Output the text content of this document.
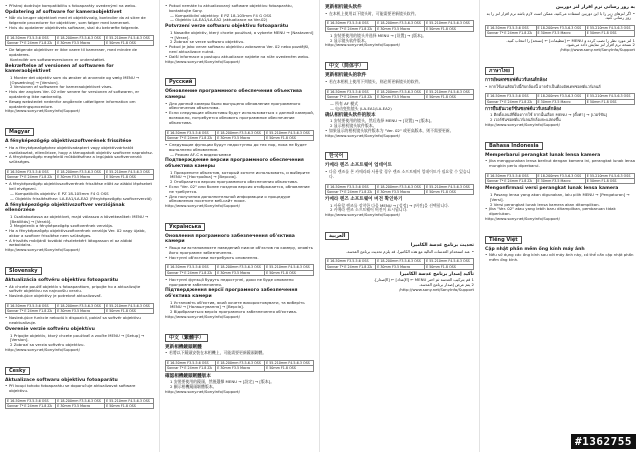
• Přístroj dodržuje kompatibilitu s fotoaparáty uvedenými na webu.
Opdatering af software for kameraobjektivet
• Når du bruger objektivet med et objektivvalg, kontroller da at sikre de følgende procedurer for objektiver, som følger med kameraet.
• Hvis du opdaterer objektivets software, skal du bekræfte følgende.
E 16-50mm F3.5-5.6 OSS	E 18-200mm F3.5-6.3 OSS	E 55-210mm F4.5-6.3 OSS
Sonnar T* E 24mm F1.8 ZA	E 30mm F3.5 Macro	E 50mm F1.8 OSS
• De følgende objektiver er ikke vaere til kameraer, med mindre de opdateres.
Kontrollér om softwareversionen er understøttet.
Bekræftelse af versionen af softwaren for kameraobjektivet
1 Monter det objektiv som du ønsker at anvende og vælg MENU → [Opsætning] → [Version].
2 Versionen af softwaren for kameraobjektivet vises.
• Hvis der angives Ver. 02 eller senere for versionen af softwaren, er opdatering ikke nødvendig.
• Besøg webstedet nedenfor angående udførligere information om opdateringsprocedure.
http://www.sony.net/SonyInfo/Support/
Magyar
A fényképezőgép objektívszoftverének frissítése
• Ha a fényképezőgéphez objektívadaptert vagy objektívvárhatót csatlakoztat, ellenőrizze, hogy a támogatott objektív szoftvere naprakész.
• A fényképezőgép megfelelő működéséhez a legújabb szoftververzió szükséges.
E 16-50mm F3.5-5.6 OSS	E 18-200mm F3.5-6.3 OSS	E 55-210mm F4.5-6.3 OSS
Sonnar T* E 24mm F1.8 ZA	E 30mm F3.5 Macro	E 50mm F1.8 OSS
• A fényképezőgép objektívszoftverének frissítése előtt az alábbi lépéseket kell elvégezni.
— Kompatibilis objektív: E PZ 18-105mm F4 G OSS
— Objektív frissítéséhez: LA-EA1/LA-EA2 (Fényképezőgép szoftververzió)
A fényképezőgép objektívszoftver verziójának ellenőrzése
1 Csatlakoztassa az objektívet, majd válassza a következőket: MENU → [Beállítás] → [Verzió].
2 Megjelenik a fényképezőgép szoftverének verziója.
• Ha a fényképezőgép objektívszoftverének verziója Ver. 02 vagy újabb, akkor a szoftver frissítése nem szükséges.
• A frissítés módjáról további részletekért látogasson el az alábbi weboldalra.
http://www.sony.net/SonyInfo/Support/
Slovensky
Aktualizácia softvéru objektívu fotoaparátu
• Ak chcete použiť objektív s fotoaparátom, pripojte ho a aktualizujte softvér objektívu na najnovšiu verziu.
• Nasledujúce objektívy je potrebné aktualizovať.
E 16-50mm F3.5-5.6 OSS	E 18-200mm F3.5-6.3 OSS	E 55-210mm F4.5-6.3 OSS
Sonnar T* E 24mm F1.8 ZA	E 30mm F3.5 Macro	E 50mm F1.8 OSS
• Nasledujúce funkcie nebudú k dispozícii, pokiaľ sa softvér objektívu neaktualizuje.
Overenie verzie softvéru objektívu
1 Pripojte objektív, ktorý chcete používať a zvoľte MENU → [Setup] → [Version].
2 Zobrazí sa verzia softvéru objektívu.
http://www.sony.net/SonyInfo/Support/
Česky
Aktualizace softwaru objektivu fotoaparátu
• Při koupi tohoto fotoaparátu se doporučuje aktualizovat software objektivu.
E 16-50mm F3.5-5.6 OSS	E 18-200mm F3.5-6.3 OSS	E 55-210mm F4.5-6.3 OSS
Sonnar T* E 24mm F1.8 ZA	E 30mm F3.5 Macro	E 50mm F1.8 OSS
• Pokud nemáte tu aktualizovaný software objektivu fotoaparátu, kontaktujte Sony.
— Kompatibilní objektivy: E PZ 18-105mm F4 G OSS
— Objektiv LA-EA1/LA-EA2 (aktualizace na Ver.02)
Potvrzení verze softwaru objektivu fotoaparátu
1 Nasaďte objektiv, který chcete používat, a vyberte MENU → [Nastavení] → [Verze].
2 Zobrazí se verze softwaru objektivu.
• Pokud je jako verze softwaru objektivu zobrazeno Ver. 02 nebo pozdější, není aktualizace nutná.
• Další informace o postupu aktualizace najdete na níže uvedeném webu.
http://www.sony.net/SonyInfo/Support/
Русский
Обновление программного обеспечения объектива камеры
• Для данной камеры было выпущено обновление программного обеспечения объектива.
• Если следующие объективы будут использоваться с данной камерой, возможно, потребуется обновить программное обеспечение объектива.
E 16-50mm F3.5-5.6 OSS	E 18-200mm F3.5-6.3 OSS	E 55-210mm F4.5-6.3 OSS
Sonnar T* E 24mm F1.8 ZA	E 30mm F3.5 Macro	E 50mm F1.8 OSS
• Следующие функции будут недоступны до тех пор, пока не будет выполнено обновление.
— Режим AF-C в видеосъемке
Подтверждение версии программного обеспечения объектива камеры
1 Прикрепите объектив, который хотите использовать, и выберите MENU → [Настройка] → [Версия].
2 Отобразится версия программного обеспечения объектива.
• Если "Ver. 02" или более поздняя версия отображается, обновление не требуется.
• Для получения дополнительной информации о процедуре обновления посетите веб-сайт ниже.
http://www.sony.net/SonyInfo/Support/
Українська
Оновлення програмного забезпечення об'єктива камери
• Якщо ви встановлюєте наведений нижче об'єктив на камеру, оновіть його програмне забезпечення.
• Наступні об'єктиви потребують оновлення.
E 16-50mm F3.5-5.6 OSS	E 18-200mm F3.5-6.3 OSS	E 55-210mm F4.5-6.3 OSS
Sonnar T* E 24mm F1.8 ZA	E 30mm F3.5 Macro	E 50mm F1.8 OSS
• Наступні функції будуть недоступні, доки не буде оновлено програмне забезпечення.
Підтвердження версії програмного забезпечення об'єктива камери
1 Установіть об'єктив, який хочете використовувати, та виберіть MENU → [Налаштування] → [Версія].
2 Відобразиться версія програмного забезпечення об'єктива.
http://www.sony.net/SonyInfo/Support/
中文（繁體字）
更新相機鏡頭韌體
• 若將以下鏡頭安裝在本相機上，可能需要更新鏡頭韌體。
E 16-50mm F3.5-5.6 OSS	E 18-200mm F3.5-6.3 OSS	E 55-210mm F4.5-6.3 OSS
Sonnar T* E 24mm F1.8 ZA	E 30mm F3.5 Macro	E 50mm F1.8 OSS
確認相機鏡頭韌體版本
1 安裝要使用的鏡頭，然後選擇 MENU → [設定] → [版本]。
2 顯示相機鏡頭韌體版本。
http://www.sony.net/SonyInfo/Support/
更新相机镜头软件
• 在本机上使用以下镜头时，可能需要更新镜头软件。
E 16-50mm F3.5-5.6 OSS	E 18-200mm F3.5-6.3 OSS	E 55-210mm F4.5-6.3 OSS
Sonnar T* E 24mm F1.8 ZA	E 30mm F3.5 Macro	E 50mm F1.8 OSS
1 安装要使用的镜头并选择 MENU → [设置] → [版本]。
2 显示镜头软件版本。
http://www.sony.net/SonyInfo/Support/
中文（简体字）
更新相机镜头的软件
• 若在本相机上使用下列镜头，则必须更新镜头的软件。
E 16-50mm F3.5-5.6 OSS	E 18-200mm F3.5-6.3 OSS	E 55-210mm F4.5-6.3 OSS
Sonnar T* E 24mm F1.8 ZA	E 30mm F3.5 Macro	E 50mm F1.8 OSS
— 所有 AF 模式
— 电动变焦镜头 (LA-EA1/LA-EA2)
确认相机镜头软件的版本
1 安装要使用的镜头，然后选择 MENU → [设置] → [版本]。
2 显示相机镜头软件版本。
• 如果显示的相机镜头软件版本为 "Ver. 02" 或更高版本，则不需要更新。
http://www.sony.net/SonyInfo/Support/
한국어
카메라 렌즈 소프트웨어 업데이트
• 다음 렌즈를 본 카메라와 사용할 경우 렌즈 소프트웨어 업데이트가 필요할 수 있습니다.
E 16-50mm F3.5-5.6 OSS	E 18-200mm F3.5-6.3 OSS	E 55-210mm F4.5-6.3 OSS
Sonnar T* E 24mm F1.8 ZA	E 30mm F3.5 Macro	E 50mm F1.8 OSS
카메라 렌즈 소프트웨어 버전 확인하기
1 사용할 렌즈를 장착한 다음 MENU → [설정] → [버전]을 선택합니다.
2 카메라 렌즈 소프트웨어 버전이 표시됩니다.
http://www.sony.net/SonyInfo/Support/
العربية
تحديث برنامج عدسة الكاميرا
• عند استخدام العدسات التالية مع هذه الكاميرا، قد يلزم تحديث برنامج العدسة.
E 16-50mm F3.5-5.6 OSS	E 18-200mm F3.5-6.3 OSS	E 55-210mm F4.5-6.3 OSS
Sonnar T* E 24mm F1.8 ZA	E 30mm F3.5 Macro	E 50mm F1.8 OSS
تأكيد إصدار برنامج عدسة الكاميرا
1 قم بتركيب العدسة ثم اختر MENU ← [الإعداد] ← [الإصدار].
2 يتم عرض إصدار برنامج العدسة.
http://www.sony.net/SonyInfo/Support/
به روز رسانی نرم افزار لنز دوربین
• اگر لنزهای زیر را با این دوربین استفاده می‌کنید، ممکن است لازم باشد نرم افزار لنز را به روز رسانی کنید.
E 16-50mm F3.5-5.6 OSS	E 18-200mm F3.5-6.3 OSS	E 55-210mm F4.5-6.3 OSS
Sonnar T* E 24mm F1.8 ZA	E 30mm F3.5 Macro	E 50mm F1.8 OSS
1 لنز مورد نظر را نصب کرده و MENU ← [تنظیمات] ← [نسخه] را انتخاب کنید.
2 نسخه نرم افزار لنز نمایش داده می‌شود.
http://www.sony.net/SonyInfo/Support/
ภาษาไทย
การอัพเดทซอฟต์แวร์เลนส์กล้อง
• หากใช้เลนส์ต่อไปนี้กับกล้องนี้ อาจจำเป็นต้องอัพเดทซอฟต์แวร์เลนส์
E 16-50mm F3.5-5.6 OSS	E 18-200mm F3.5-6.3 OSS	E 55-210mm F4.5-6.3 OSS
Sonnar T* E 24mm F1.8 ZA	E 30mm F3.5 Macro	E 50mm F1.8 OSS
การยืนยันเวอร์ชันซอฟต์แวร์เลนส์กล้อง
1 ติดตั้งเลนส์ที่ต้องการใช้ จากนั้นเลือก MENU → [ตั้งค่า] → [เวอร์ชัน]
2 เวอร์ชันซอฟต์แวร์เลนส์กล้องจะแสดงขึ้น
http://www.sony.net/SonyInfo/Support/
Bahasa Indonesia
Memperbarui perangkat lunak lensa kamera
• Jika menggunakan lensa berikut dengan kamera ini, perangkat lunak lensa mungkin perlu diperbarui.
E 16-50mm F3.5-5.6 OSS	E 18-200mm F3.5-6.3 OSS	E 55-210mm F4.5-6.3 OSS
Sonnar T* E 24mm F1.8 ZA	E 30mm F3.5 Macro	E 50mm F1.8 OSS
Mengonfirmasi versi perangkat lunak lensa kamera
1 Pasang lensa yang akan digunakan, lalu pilih MENU → [Pengaturan] → [Versi].
2 Versi perangkat lunak lensa kamera akan ditampilkan.
• Jika "Ver. 02" atau yang lebih baru ditampilkan, pembaruan tidak diperlukan.
http://www.sony.net/SonyInfo/Support/
Tiếng Việt
Cập nhật phần mềm ống kính máy ảnh
• Nếu sử dụng các ống kính sau với máy ảnh này, có thể cần cập nhật phần mềm ống kính.
#1362755
